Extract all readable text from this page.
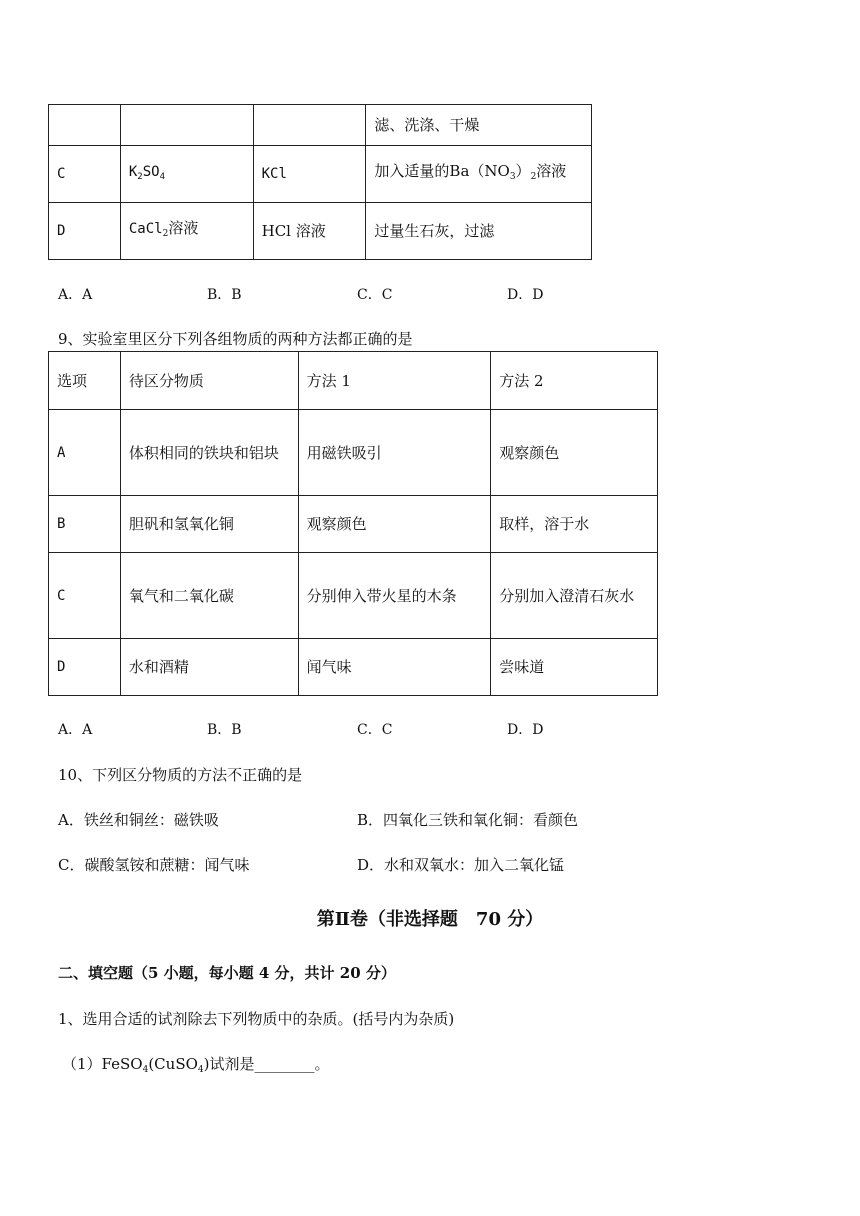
			滤、洗涤、干燥
C	$K_2SO_4$	KCl	加入适量的$Ba(NO_3)_2$溶液
D	CaCl$_2$溶液	HCl 溶液	过量生石灰，过滤
A．A	B．B	C．C	D．D
9、实验室里区分下列各组物质的两种方法都正确的是
选项	待区分物质	方法 1	方法 2
A	体积相同的铁块和铝块	用磁铁吸引	观察颜色
B	胆矾和氢氧化铜	观察颜色	取样，溶于水
C	氧气和二氧化碳	分别伸入带火星的木条	分别加入澄清石灰水
D	水和酒精	闻气味	尝味道
A．A	B．B	C．C	D．D
10、下列区分物质的方法不正确的是
A．铁丝和铜丝：磁铁吸	B．四氧化三铁和氧化铜：看颜色
C．碳酸氢铵和蔗糖：闻气味	D．水和双氧水：加入二氧化锰
第Ⅱ卷（非选择题　70 分）
二、填空题（5 小题，每小题 4 分，共计 20 分）
1、选用合适的试剂除去下列物质中的杂质。(括号内为杂质)
（1）FeSO$_4$(CuSO$_4$)试剂是________。
